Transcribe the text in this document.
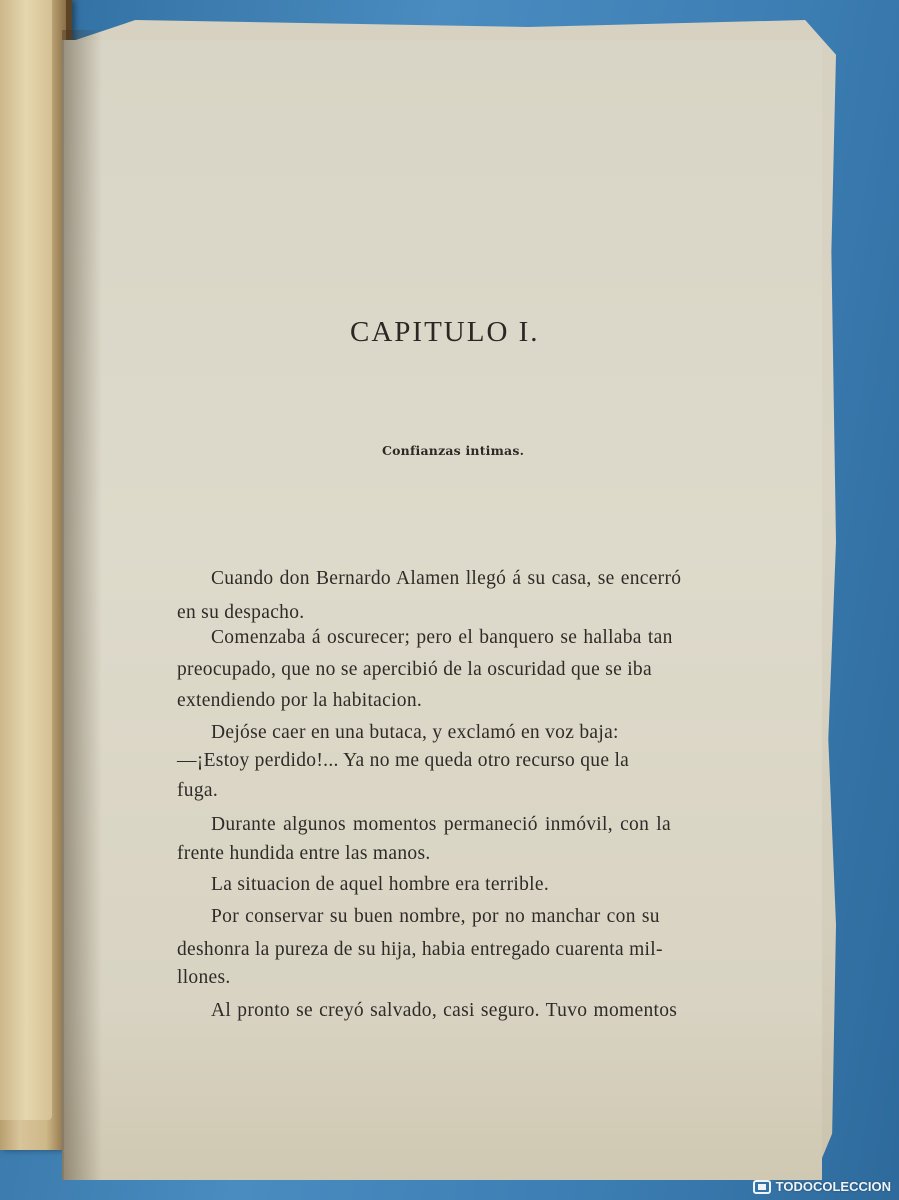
CAPITULO I.
Confianzas intimas.
Cuando don Bernardo Alamen llegó á su casa, se encerró
en su despacho.
Comenzaba á oscurecer; pero el banquero se hallaba tan
preocupado, que no se apercibió de la oscuridad que se iba
extendiendo por la habitacion.
Dejóse caer en una butaca, y exclamó en voz baja:
—¡Estoy perdido!... Ya no me queda otro recurso que la
fuga.
Durante algunos momentos permaneció inmóvil, con la
frente hundida entre las manos.
La situacion de aquel hombre era terrible.
Por conservar su buen nombre, por no manchar con su
deshonra la pureza de su hija, habia entregado cuarenta mil-
llones.
Al pronto se creyó salvado, casi seguro. Tuvo momentos
TODOCOLECCION
